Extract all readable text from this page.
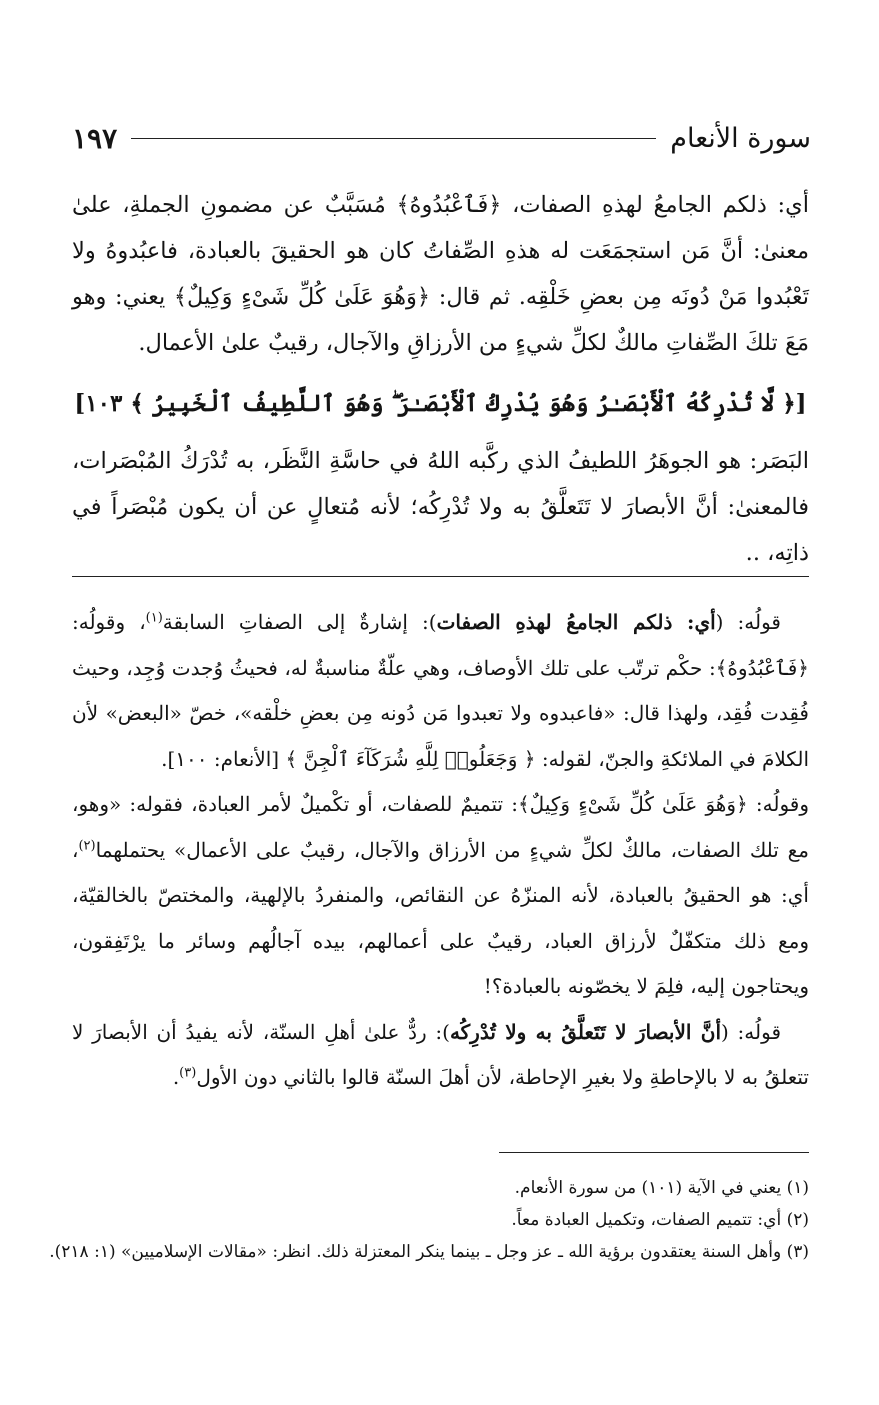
سورة الأنعام
١٩٧

أي: ذلكم الجامعُ لهذهِ الصفات، ﴿فَٱعْبُدُوهُ﴾ مُسَبَّبٌ عن مضمونِ الجملةِ، علىٰ معنىٰ: أنَّ مَن استجمَعَت له هذهِ الصِّفاتُ كان هو الحقيقَ بالعبادة، فاعبُدوهُ ولا تَعْبُدوا مَنْ دُونَه مِن بعضِ خَلْقِه. ثم قال: ﴿وَهُوَ عَلَىٰ كُلِّ شَىْءٍ وَكِيلٌ﴾ يعني: وهو مَعَ تلكَ الصِّفاتِ مالكٌ لكلِّ شيءٍ من الأرزاقِ والآجال، رقيبٌ علىٰ الأعمال.

[﴿ لَّا تُدْرِكُهُ ٱلْأَبْصَـٰرُ وَهُوَ يُدْرِكُ ٱلْأَبْصَـٰرَ ۖ وَهُوَ ٱللَّطِيفُ ٱلْخَبِيرُ ﴾ ١٠٣]

البَصَر: هو الجوهَرُ اللطيفُ الذي ركَّبه اللهُ في حاسَّةِ النَّظَر، به تُدْرَكُ المُبْصَرات، فالمعنىٰ: أنَّ الأبصارَ لا تَتَعلَّقُ به ولا تُدْرِكُه؛ لأنه مُتعالٍ عن أن يكون مُبْصَراً في ذاتِه، ..

قولُه: (أي: ذلكم الجامعُ لهذهِ الصفات): إشارةٌ إلى الصفاتِ السابقة$^{(١)}$، وقولُه: ﴿فَٱعْبُدُوهُ﴾: حكْم ترتّب على تلك الأوصاف، وهي علّةٌ مناسبةٌ له، فحيثُ وُجدت وُجِد، وحيث فُقِدت فُقِد، ولهذا قال: «فاعبدوه ولا تعبدوا مَن دُونه مِن بعضِ خلْقه»، خصّ «البعض» لأن الكلامَ في الملائكةِ والجنّ، لقوله: ﴿ وَجَعَلُوا۟ لِلَّهِ شُرَكَآءَ ٱلْجِنَّ ﴾ [الأنعام: ١٠٠].

وقولُه: ﴿وَهُوَ عَلَىٰ كُلِّ شَىْءٍ وَكِيلٌ﴾: تتميمٌ للصفات، أو تكْميلٌ لأمر العبادة، فقوله: «وهو، مع تلك الصفات، مالكٌ لكلِّ شيءٍ من الأرزاق والآجال، رقيبٌ على الأعمال» يحتملهما$^{(٢)}$، أي: هو الحقيقُ بالعبادة، لأنه المنزّهُ عن النقائص، والمنفردُ بالإلهية، والمختصّ بالخالقيّة، ومع ذلك متكفّلٌ لأرزاق العباد، رقيبٌ على أعمالهم، بيده آجالُهم وسائر ما يرْتَفِقون، ويحتاجون إليه، فلِمَ لا يخصّونه بالعبادة؟!

قولُه: (أنَّ الأبصارَ لا تَتَعلَّقُ به ولا تُدْرِكُه): ردٌّ علىٰ أهلِ السنّة، لأنه يفيدُ أن الأبصارَ لا تتعلقُ به لا بالإحاطةِ ولا بغيرِ الإحاطة، لأن أهلَ السنّة قالوا بالثاني دون الأول$^{(٣)}$.

(١) يعني في الآية (١٠١) من سورة الأنعام.
(٢) أي: تتميم الصفات، وتكميل العبادة معاً.
(٣) وأهل السنة يعتقدون برؤية الله ـ عز وجل ـ بينما ينكر المعتزلة ذلك. انظر: «مقالات الإسلاميين» (١: ٢١٨).
